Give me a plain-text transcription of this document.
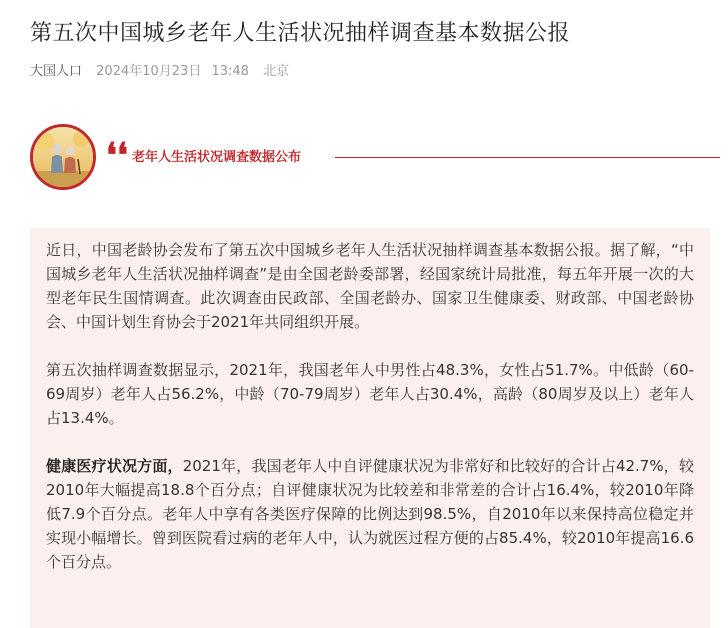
第五次中国城乡老年人生活状况抽样调查基本数据公报
大国人口 2024年10月23日 13:48 北京
❛❛ 老年人生活状况调查数据公布

近日，中国老龄协会发布了第五次中国城乡老年人生活状况抽样调查基本数据公报。据了解，“中国城乡老年人生活状况抽样调查”是由全国老龄委部署，经国家统计局批准，每五年开展一次的大型老年民生国情调查。此次调查由民政部、全国老龄办、国家卫生健康委、财政部、中国老龄协会、中国计划生育协会于2021年共同组织开展。

第五次抽样调查数据显示，2021年，我国老年人中男性占48.3%，女性占51.7%。中低龄（60-69周岁）老年人占56.2%，中龄（70-79周岁）老年人占30.4%，高龄（80周岁及以上）老年人占13.4%。

健康医疗状况方面，2021年，我国老年人中自评健康状况为非常好和比较好的合计占42.7%，较2010年大幅提高18.8个百分点；自评健康状况为比较差和非常差的合计占16.4%，较2010年降低7.9个百分点。老年人中享有各类医疗保障的比例达到98.5%，自2010年以来保持高位稳定并实现小幅增长。曾到医院看过病的老年人中，认为就医过程方便的占85.4%，较2010年提高16.6个百分点。
